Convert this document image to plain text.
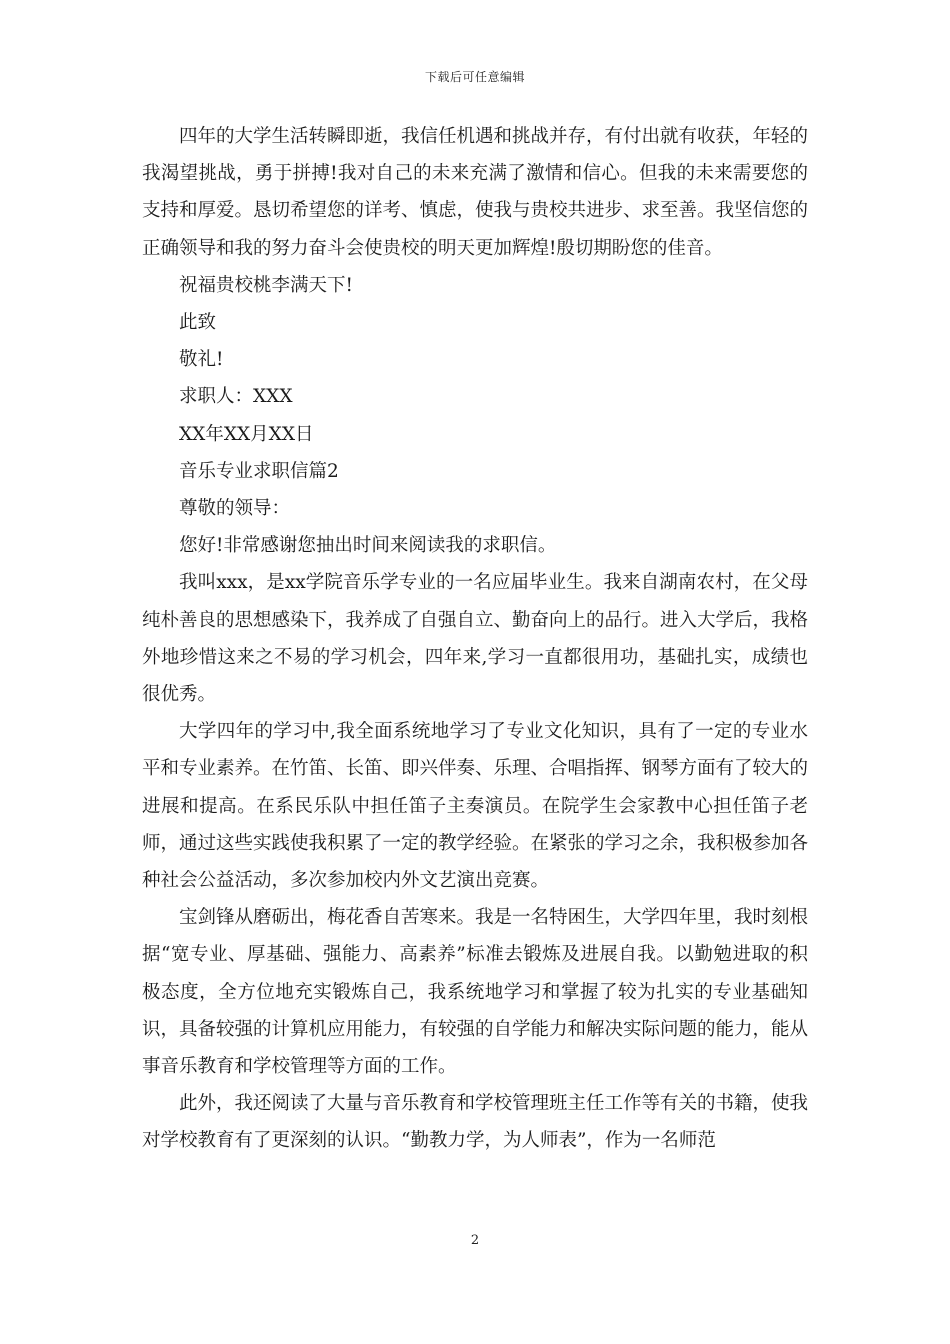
下载后可任意编辑

四年的大学生活转瞬即逝，我信任机遇和挑战并存，有付出就有收获，年轻的我渴望挑战，勇于拼搏!我对自己的未来充满了激情和信心。但我的未来需要您的支持和厚爱。恳切希望您的详考、慎虑，使我与贵校共进步、求至善。我坚信您的正确领导和我的努力奋斗会使贵校的明天更加辉煌!殷切期盼您的佳音。

祝福贵校桃李满天下!

此致

敬礼!

求职人：XXX

XX年XX月XX日

音乐专业求职信篇2

尊敬的领导：

您好!非常感谢您抽出时间来阅读我的求职信。

我叫xxx，是xx学院音乐学专业的一名应届毕业生。我来自湖南农村，在父母纯朴善良的思想感染下，我养成了自强自立、勤奋向上的品行。进入大学后，我格外地珍惜这来之不易的学习机会，四年来,学习一直都很用功，基础扎实，成绩也很优秀。

大学四年的学习中,我全面系统地学习了专业文化知识，具有了一定的专业水平和专业素养。在竹笛、长笛、即兴伴奏、乐理、合唱指挥、钢琴方面有了较大的进展和提高。在系民乐队中担任笛子主奏演员。在院学生会家教中心担任笛子老师，通过这些实践使我积累了一定的教学经验。在紧张的学习之余，我积极参加各种社会公益活动，多次参加校内外文艺演出竞赛。

宝剑锋从磨砺出，梅花香自苦寒来。我是一名特困生，大学四年里，我时刻根据“宽专业、厚基础、强能力、高素养”标准去锻炼及进展自我。以勤勉进取的积极态度，全方位地充实锻炼自己，我系统地学习和掌握了较为扎实的专业基础知识，具备较强的计算机应用能力，有较强的自学能力和解决实际问题的能力，能从事音乐教育和学校管理等方面的工作。

此外，我还阅读了大量与音乐教育和学校管理班主任工作等有关的书籍，使我对学校教育有了更深刻的认识。“勤教力学，为人师表”，作为一名师范

2
